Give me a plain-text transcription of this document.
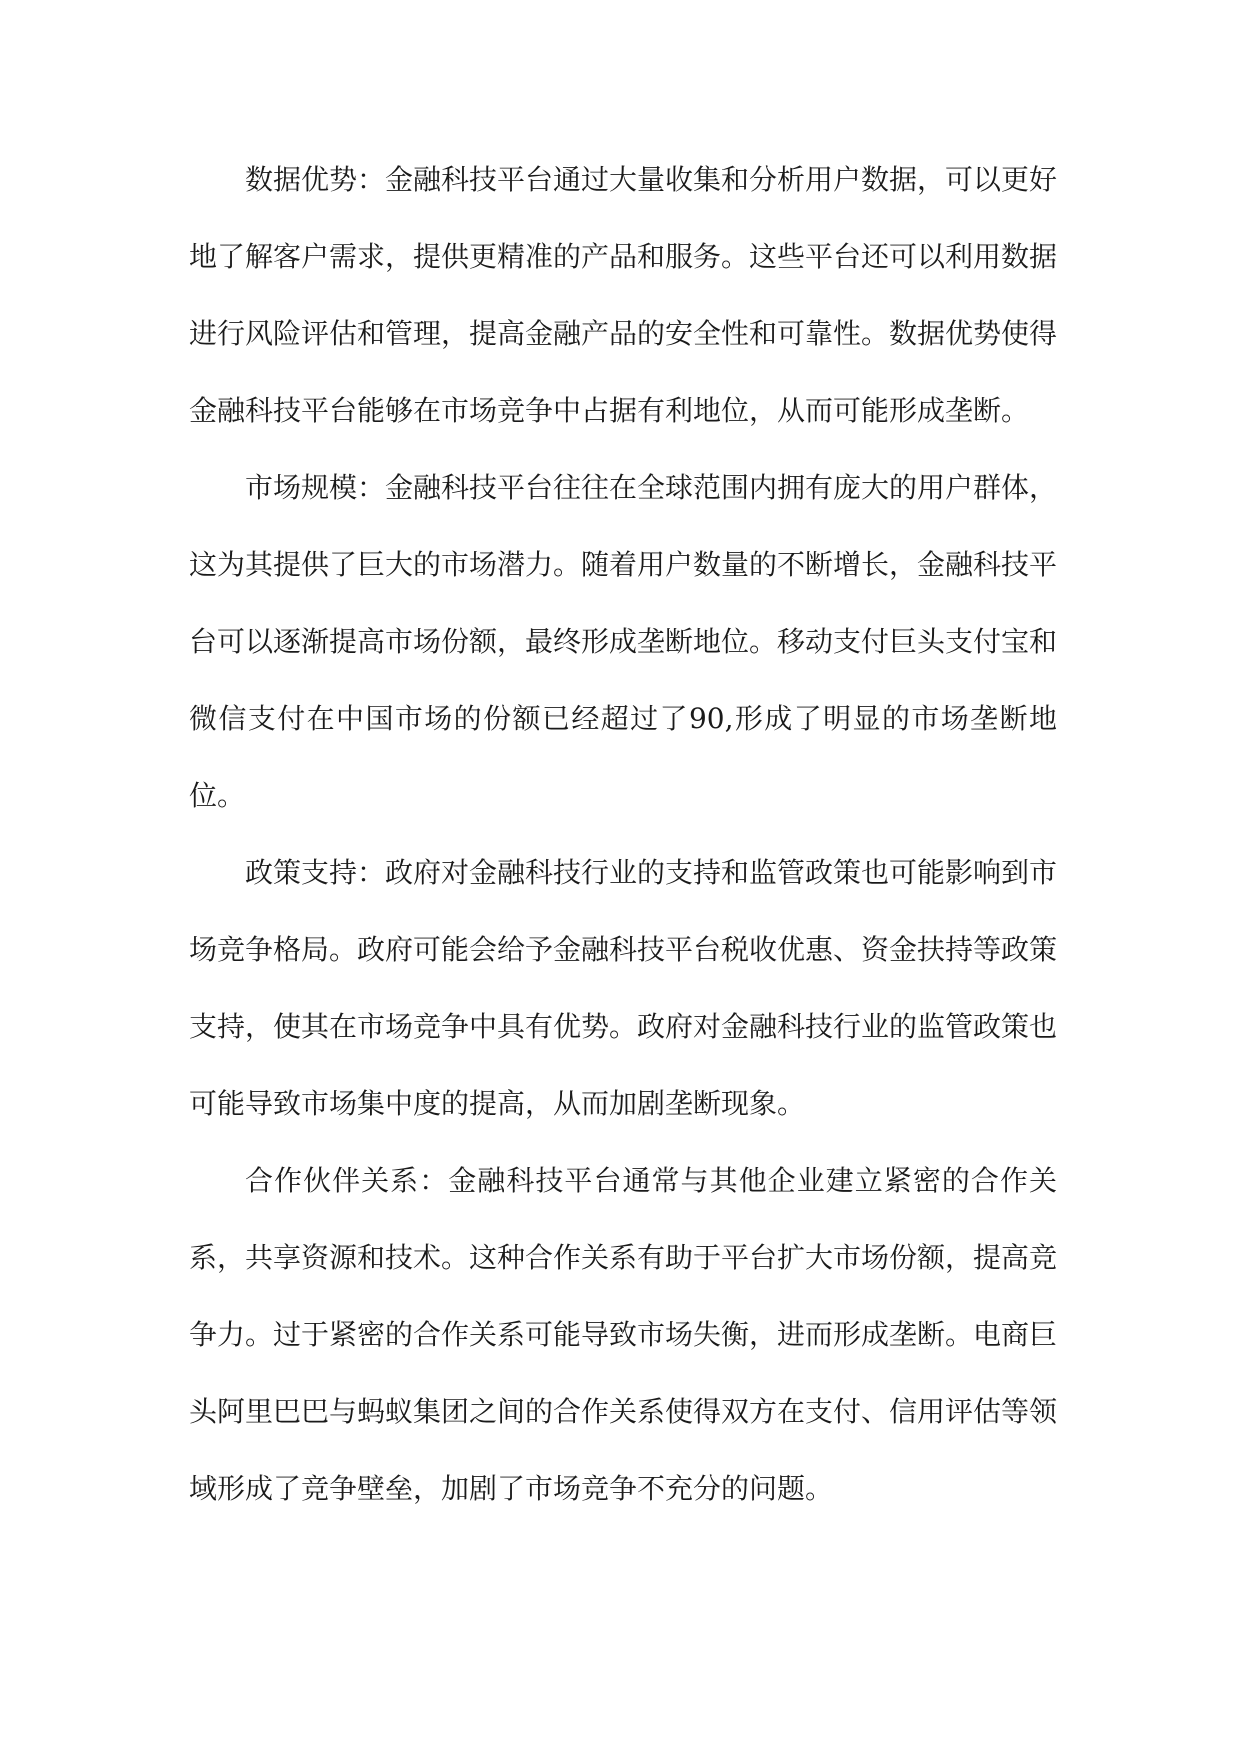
数据优势：金融科技平台通过大量收集和分析用户数据，可以更好地了解客户需求，提供更精准的产品和服务。这些平台还可以利用数据进行风险评估和管理，提高金融产品的安全性和可靠性。数据优势使得金融科技平台能够在市场竞争中占据有利地位，从而可能形成垄断。

市场规模：金融科技平台往往在全球范围内拥有庞大的用户群体，这为其提供了巨大的市场潜力。随着用户数量的不断增长，金融科技平台可以逐渐提高市场份额，最终形成垄断地位。移动支付巨头支付宝和微信支付在中国市场的份额已经超过了90,形成了明显的市场垄断地位。

政策支持：政府对金融科技行业的支持和监管政策也可能影响到市场竞争格局。政府可能会给予金融科技平台税收优惠、资金扶持等政策支持，使其在市场竞争中具有优势。政府对金融科技行业的监管政策也可能导致市场集中度的提高，从而加剧垄断现象。

合作伙伴关系：金融科技平台通常与其他企业建立紧密的合作关系，共享资源和技术。这种合作关系有助于平台扩大市场份额，提高竞争力。过于紧密的合作关系可能导致市场失衡，进而形成垄断。电商巨头阿里巴巴与蚂蚁集团之间的合作关系使得双方在支付、信用评估等领域形成了竞争壁垒，加剧了市场竞争不充分的问题。
